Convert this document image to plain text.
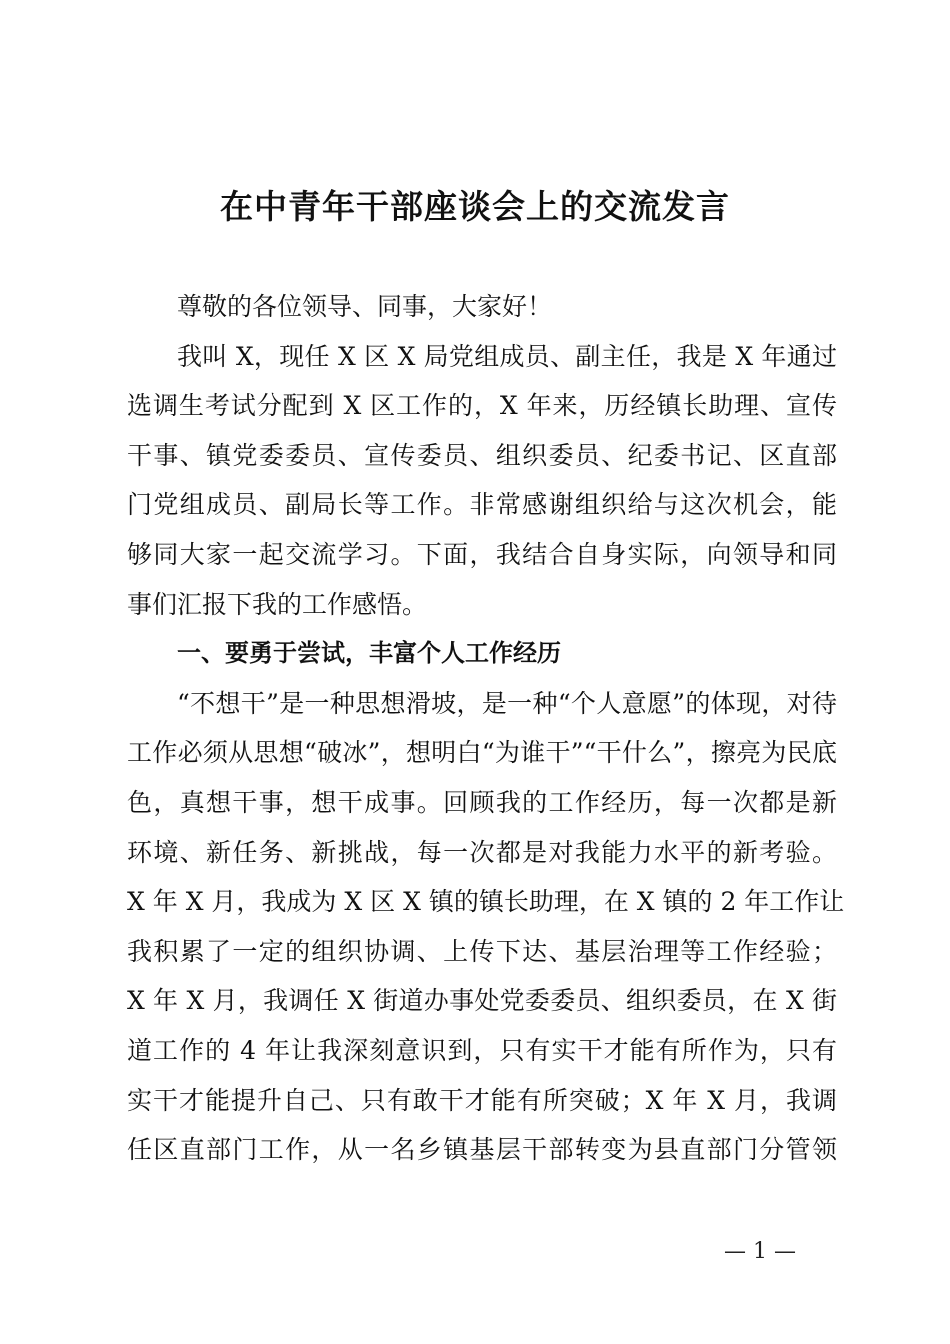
在中青年干部座谈会上的交流发言
尊敬的各位领导、同事，大家好！
我叫 X，现任 X 区 X 局党组成员、副主任，我是 X 年通过
选调生考试分配到 X 区工作的，X 年来，历经镇长助理、宣传
干事、镇党委委员、宣传委员、组织委员、纪委书记、区直部
门党组成员、副局长等工作。非常感谢组织给与这次机会，能
够同大家一起交流学习。下面，我结合自身实际，向领导和同
事们汇报下我的工作感悟。
一、要勇于尝试，丰富个人工作经历
“不想干”是一种思想滑坡，是一种“个人意愿”的体现，对待
工作必须从思想“破冰”，想明白“为谁干”“干什么”，擦亮为民底
色，真想干事，想干成事。回顾我的工作经历，每一次都是新
环境、新任务、新挑战，每一次都是对我能力水平的新考验。
X 年 X 月，我成为 X 区 X 镇的镇长助理，在 X 镇的 2 年工作让
我积累了一定的组织协调、上传下达、基层治理等工作经验；
X 年 X 月，我调任 X 街道办事处党委委员、组织委员，在 X 街
道工作的 4 年让我深刻意识到，只有实干才能有所作为，只有
实干才能提升自己、只有敢干才能有所突破；X 年 X 月，我调
任区直部门工作，从一名乡镇基层干部转变为县直部门分管领
— 1 —
